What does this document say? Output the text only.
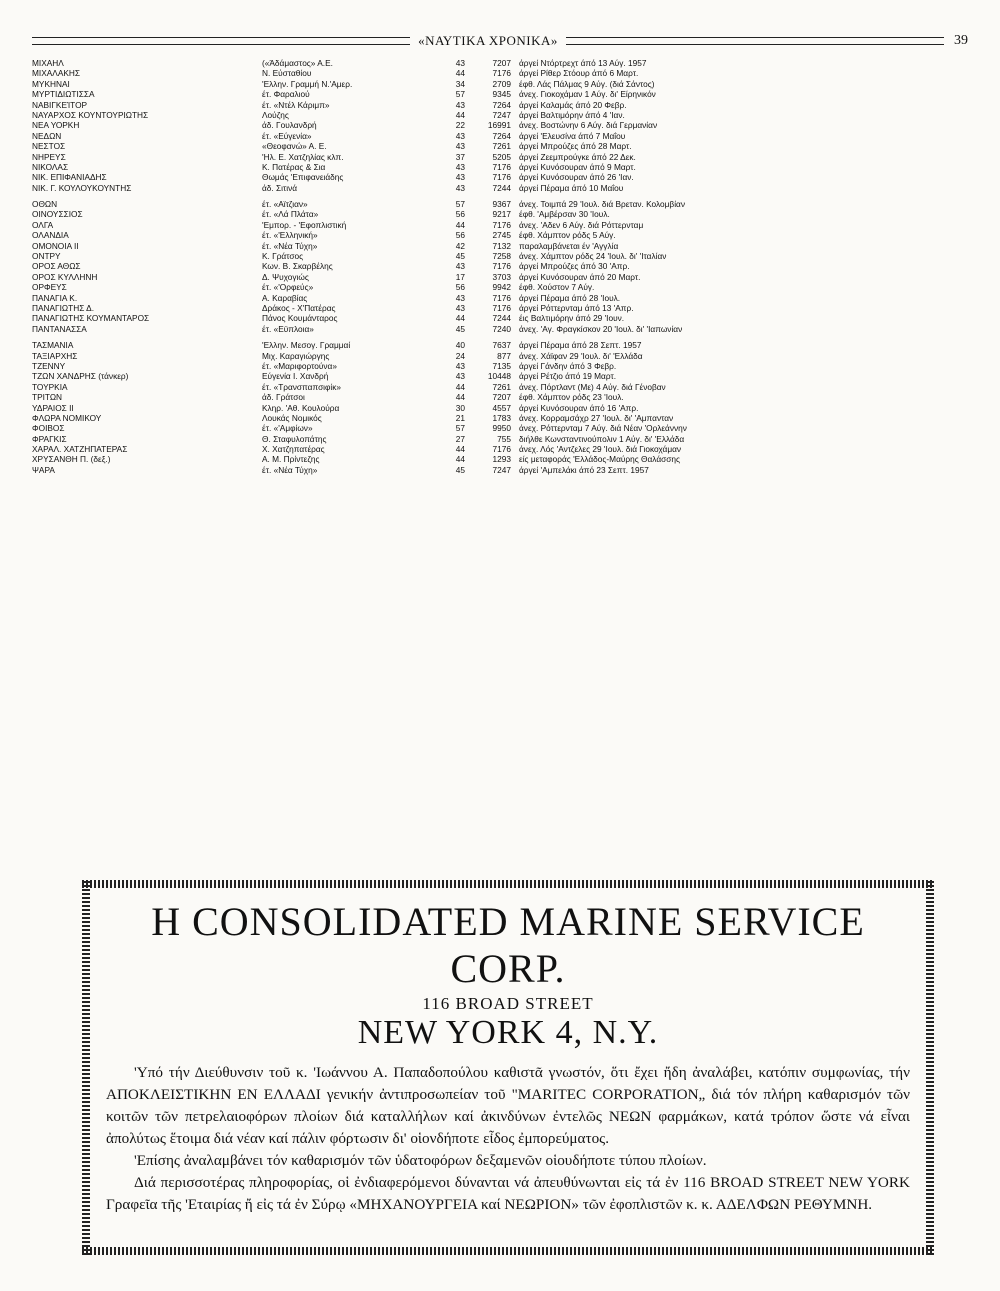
«ΝΑΥΤΙΚΑ ΧΡΟΝΙΚΑ»	39
ΜΙΧΑΗΛ	(«Άδάμαστος» Α.Ε.	43	7207 άργεί Ντόρτρεχτ άπό 13 Αύγ. 1957
ΜΙΧΑΛΑΚΗΣ	Ν. Εύσταθίου	44	7176 άργεί Ρίθερ Στόουρ άπό 6 Μαρτ.
ΜΥΚΗΝΑΙ	'Ελλην. Γραμμή Ν.'Αμερ.	34	2709 έφθ. Λάς Πάλμας 9 Αύγ. (διά Σάντος)
ΜΥΡΤΙΔΙΩΤΙΣΣΑ	έτ. Φαραλιού	57	9345 άνεχ. Γιοκοχάμαν 1 Αύγ. δι' Είρηνικόν
ΝΑΒΙΓΚΕΊΤΟΡ	έτ. «Ντέλ Κάριμπ»	43	7264 άργεί Καλαμάς άπό 20 Φεβρ.
ΝΑΥΑΡΧΟΣ ΚΟΥΝΤΟΥΡΙΩΤΗΣ	Λούζης	44	7247 άργεί Βαλτιμόρην άπό 4 'Ιαν.
ΝΕΑ ΥΟΡΚΗ	άδ. Γουλανδρή	22	16991 άνεχ. Βοστώνην 6 Αύγ. διά Γερμανίαν
ΝΕΔΩΝ	έτ. «Εύγενία»	43	7264 άργεί 'Ελευσίνα άπό 7 Μαΐου
ΝΕΣΤΟΣ	«Θεοφανώ» Α. Ε.	43	7261 άργεί Μπρούζες άπό 28 Μαρτ.
ΝΗΡΕΥΣ	'Ηλ. Ε. Χατζηλίας κλπ.	37	5205 άργεί Ζεεμπρούγκε άπό 22 Δεκ.
ΝΙΚΟΛΑΣ	Κ. Πατέρας & Σια	43	7176 άργεί Κυνόσουραν άπό 9 Μαρτ.
ΝΙΚ. ΕΠΙΦΑΝΙΑΔΗΣ	Θωμάς 'Επιφανειάδης	43	7176 άργεί Κυνόσουραν άπό 26 'Ιαν.
ΝΙΚ. Γ. ΚΟΥΛΟΥΚΟΥΝΤΗΣ	άδ. Σιτινά	43	7244 άργεί Πέραμα άπό 10 Μαΐου
ΟΘΩΝ	έτ. «Αϊτζιαν»	57	9367 άνεχ. Τοιμπά 29 'Ιουλ. διά Βρεταν. Κολομβίαν
ΟΙΝΟΥΣΣΙΟΣ	έτ. «Λά Πλάτα»	56	9217 έφθ. 'Αμβέρσαν 30 'Ιουλ.
ΟΛΓΑ	'Εμπορ. - 'Εφοπλιστική	44	7176 άνεχ. 'Αδεν 6 Αύγ. διά Ρόττερνταμ
ΟΛΑΝΔΙΑ	έτ. «'Ελληνική»	56	2745 έφθ. Χάμπτον ρόδς 5 Αύγ.
ΟΜΟΝΟΙΑ ΙΙ	έτ. «Νέα Τύχη»	42	7132 παραλαμβάνεται έν 'Αγγλία
ΟΝΤΡΥ	Κ. Γράτσος	45	7258 άνεχ. Χάμπτον ρόδς 24 'Ιουλ. δι' 'Ιταλίαν
ΟΡΟΣ ΑΘΩΣ	Κων. Β. Σκαρβέλης	43	7176 άργεί Μπρούζες άπό 30 'Απρ.
ΟΡΟΣ ΚΥΛΛΗΝΗ	Δ. Ψυχογιώς	17	3703 άργεί Κυνόσουραν άπό 20 Μαρτ.
ΟΡΦΕΥΣ	έτ. «'Ορφεύς»	56	9942 έφθ. Χούστον 7 Αύγ.
ΠΑΝΑΓΙΑ Κ.	Α. Καραβίας	43	7176 άργεί Πέραμα άπό 28 'Ιουλ.
ΠΑΝΑΓΙΩΤΗΣ Δ.	Δράκος - Χ'Πατέρας	43	7176 άργεί Ρόττερνταμ άπό 13 'Απρ.
ΠΑΝΑΓΙΩΤΗΣ ΚΟΥΜΑΝΤΑΡΟΣ	Πάνος Κουμάνταρος	44	7244 έις Βαλτιμόρην άπό 29 'Ιουν.
ΠΑΝΤΑΝΑΣΣΑ	έτ. «Εϋπλοια»	45	7240 άνεχ. 'Αγ. Φραγκίσκον 20 'Ιουλ. δι' 'Ιαπωνίαν
ΤΑΣΜΑΝΙΑ	'Ελλην. Μεσογ. Γραμμαί	40	7637 άργεί Πέραμα άπό 28 Σεπτ. 1957
ΤΑΞΙΑΡΧΗΣ	Μιχ. Καραγιώργης	24	877 άνεχ. Χάϊφαν 29 'Ιουλ. δι' 'Ελλάδα
ΤΖΕΝΝΥ	έτ. «Μαριφορτούνα»	43	7135 άργεί Γάνδην άπό 3 Φεβρ.
ΤΖΩΝ ΧΑΝΔΡΗΣ (τάνκερ)	Εύγενία Ι. Χανδρή	43	10448 άργεί Ρέτζιο άπό 19 Μαρτ.
ΤΟΥΡΚΙΑ	έτ. «Τρανσπαπσιφίκ»	44	7261 άνεχ. Πόρτλαντ (Με) 4 Αύγ. διά Γένοβαν
ΤΡΙΤΩΝ	άδ. Γράτσοι	44	7207 έφθ. Χάμπτον ρόδς 23 'Ιουλ.
ΥΔΡΑΙΟΣ ΙΙ	Κληρ. 'Αθ. Κουλούρα	30	4557 άργεί Κυνόσουραν άπό 16 'Απρ.
ΦΛΩΡΑ ΝΟΜΙΚΟΥ	Λουκάς Νομικός	21	1783 άνεχ. Κορραμσάχρ 27 'Ιουλ. δι' 'Αμπανταν
ΦΟΙΒΟΣ	έτ. «'Αμφίων»	57	9950 άνεχ. Ρόττερνταμ 7 Αύγ. διά Νέαν 'Ορλεάννην
ΦΡΑΓΚΙΣ	Θ. Σταφυλοπάτης	27	755 διήλθε Κωνσταντινούπολιν 1 Αύγ. δι' 'Ελλάδα
ΧΑΡΑΛ. ΧΑΤΖΗΠΑΤΕΡΑΣ	Χ. Χατζηπατέρας	44	7176 άνεχ. Λός 'Αντζελες 29 'Ιουλ. διά Γιοκοχάμαν
ΧΡΥΣΑΝΘΗ Π. (δεξ.)	Α. Μ. Πρίντεζης	44	1293 είς μεταφοράς 'Ελλάδος-Μαύρης Θαλάσσης
ΨΑΡΑ	έτ. «Νέα Τύχη»	45	7247 άργεί 'Αμπελάκι άπό 23 Σεπτ. 1957
Η CONSOLIDATED MARINE SERVICE CORP.
116 BROAD STREET
NEW YORK 4, N.Y.

'Υπό τήν Διεύθυνσιν τοῦ κ. 'Ιωάννου Α. Παπαδοπούλου καθιστᾶ γνωστόν, ὅτι ἔχει ἤδη ἀναλάβει, κατόπιν συμφωνίας, τήν ΑΠΟΚΛΕΙΣΤΙΚΗΝ ΕΝ ΕΛΛΑΔΙ γενικήν ἀντιπροσωπείαν τοῦ "MARITEC CORPORATION„ διά τόν πλήρη καθαρισμόν τῶν κοιτῶν τῶν πετρελαιοφόρων πλοίων διά καταλλήλων καί ἀκινδύνων ἐντελῶς ΝΕΩΝ φαρμάκων, κατά τρόπον ὥστε νά εἶναι ἀπολύτως ἕτοιμα διά νέαν καί πάλιν φόρτωσιν δι' οἱονδήποτε εἶδος ἐμπορεύματος.

'Επίσης ἀναλαμβάνει τόν καθαρισμόν τῶν ὑδατοφόρων δεξαμενῶν οἱουδήποτε τύπου πλοίων.

Διά περισσοτέρας πληροφορίας, οἱ ἐνδιαφερόμενοι δύνανται νά ἀπευθύνωνται εἰς τά ἐν 116 BROAD STREET NEW YORK Γραφεῖα τῆς 'Εταιρίας ἤ εἰς τά ἐν Σύρῳ «ΜΗΧΑΝΟΥΡΓΕΙΑ καί ΝΕΩΡΙΟΝ» τῶν ἐφοπλιστῶν κ. κ. ΑΔΕΛΦΩΝ ΡΕΘΥΜΝΗ.
